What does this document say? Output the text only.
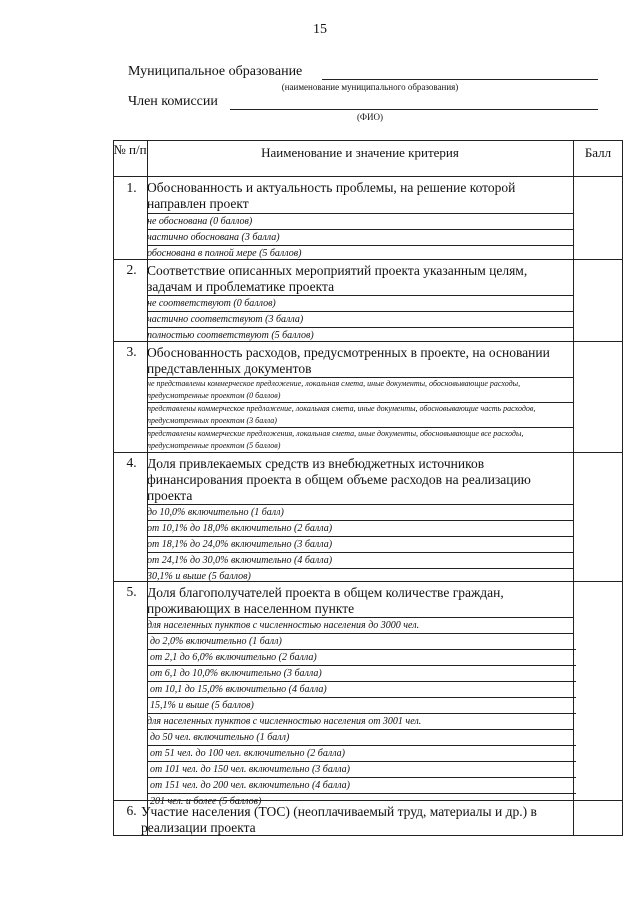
15
Муниципальное образование
(наименование муниципального образования)
Член комиссии
(ФИО)
№ п/п	Наименование и значение критерия	Балл
1. Обоснованность и актуальность проблемы, на решение которой направлен проект
не обоснована (0 баллов)
частично обоснована (3 балла)
обоснована в полной мере (5 баллов)
2. Соответствие описанных мероприятий проекта указанным целям, задачам и проблематике проекта
не соответствуют (0 баллов)
частично соответствуют (3 балла)
полностью соответствуют (5 баллов)
3. Обоснованность расходов, предусмотренных в проекте, на основании представленных документов
не представлены коммерческое предложение, локальная смета, иные документы, обосновывающие расходы, предусмотренные проектом (0 баллов)
представлены коммерческое предложение, локальная смета, иные документы, обосновывающие часть расходов, предусмотренных проектом (3 балла)
представлены коммерческие предложения, локальная смета, иные документы, обосновывающие все расходы, предусмотренные проектом (5 баллов)
4. Доля привлекаемых средств из внебюджетных источников финансирования проекта в общем объеме расходов на реализацию проекта
до 10,0% включительно (1 балл)
от 10,1% до 18,0% включительно (2 балла)
от 18,1% до 24,0% включительно (3 балла)
от 24,1% до 30,0% включительно (4 балла)
30,1% и выше (5 баллов)
5. Доля благополучателей проекта в общем количестве граждан, проживающих в населенном пункте
для населенных пунктов с численностью населения до 3000 чел.
до 2,0% включительно (1 балл)
от 2,1 до 6,0% включительно (2 балла)
от 6,1 до 10,0% включительно (3 балла)
от 10,1 до 15,0% включительно (4 балла)
15,1% и выше (5 баллов)
для населенных пунктов с численностью населения от 3001 чел.
до 50 чел. включительно (1 балл)
от 51 чел. до 100 чел. включительно (2 балла)
от 101 чел. до 150 чел. включительно (3 балла)
от 151 чел. до 200 чел. включительно (4 балла)
201 чел. и более (5 баллов)
6. Участие населения (ТОС) (неоплачиваемый труд, материалы и др.) в реализации проекта
